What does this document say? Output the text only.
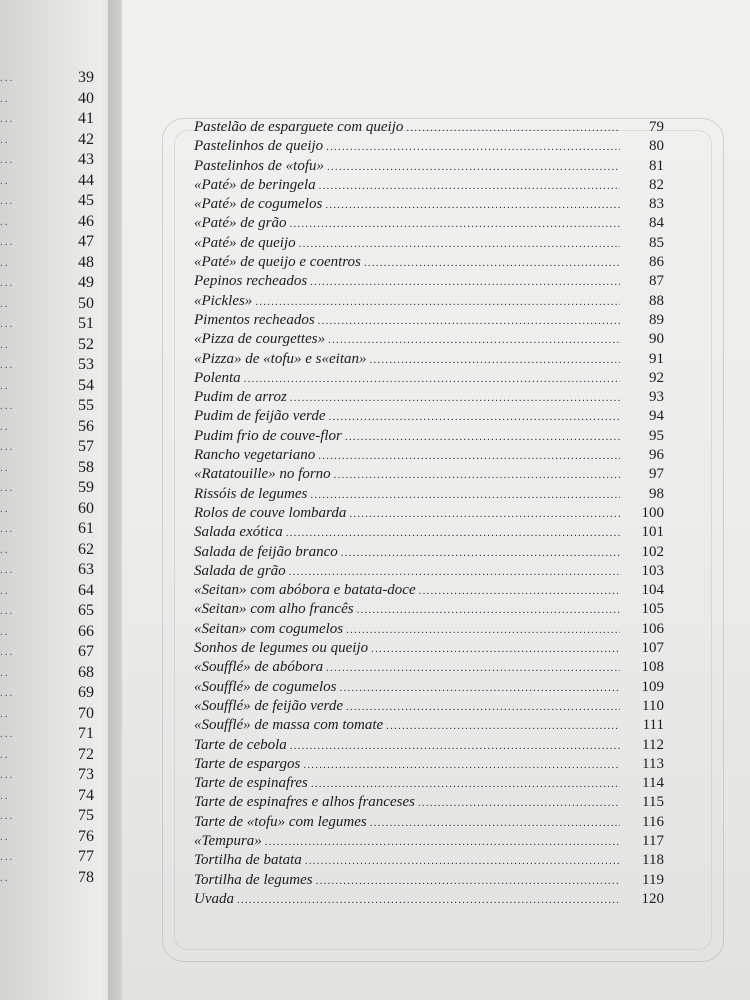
...	39
..	40
...	41
..	42
...	43
..	44
...	45
..	46
...	47
..	48
...	49
..	50
...	51
..	52
...	53
..	54
...	55
..	56
...	57
..	58
...	59
..	60
...	61
..	62
...	63
..	64
...	65
..	66
...	67
..	68
...	69
..	70
...	71
..	72
...	73
..	74
...	75
..	76
...	77
..	78
Pastelão de esparguete com queijo .....	79
Pastelinhos de queijo .....	80
Pastelinhos de «tofu» .....	81
«Paté» de beringela .....	82
«Paté» de cogumelos .....	83
«Paté» de grão .....	84
«Paté» de queijo .....	85
«Paté» de queijo e coentros .....	86
Pepinos recheados .....	87
«Pickles» .....	88
Pimentos recheados .....	89
«Pizza de courgettes» .....	90
«Pizza» de «tofu» e s«eitan» .....	91
Polenta .....	92
Pudim de arroz .....	93
Pudim de feijão verde .....	94
Pudim frio de couve-flor .....	95
Rancho vegetariano .....	96
«Ratatouille» no forno .....	97
Rissóis de legumes .....	98
Rolos de couve lombarda .....	100
Salada exótica .....	101
Salada de feijão branco .....	102
Salada de grão .....	103
«Seitan» com abóbora e batata-doce .....	104
«Seitan» com alho francês .....	105
«Seitan» com cogumelos .....	106
Sonhos de legumes ou queijo .....	107
«Soufflé» de abóbora .....	108
«Soufflé» de cogumelos .....	109
«Soufflé» de feijão verde .....	110
«Soufflé» de massa com tomate .....	111
Tarte de cebola .....	112
Tarte de espargos .....	113
Tarte de espinafres .....	114
Tarte de espinafres e alhos franceses .....	115
Tarte de «tofu» com legumes .....	116
«Tempura» .....	117
Tortilha de batata .....	118
Tortilha de legumes .....	119
Uvada .....	120
